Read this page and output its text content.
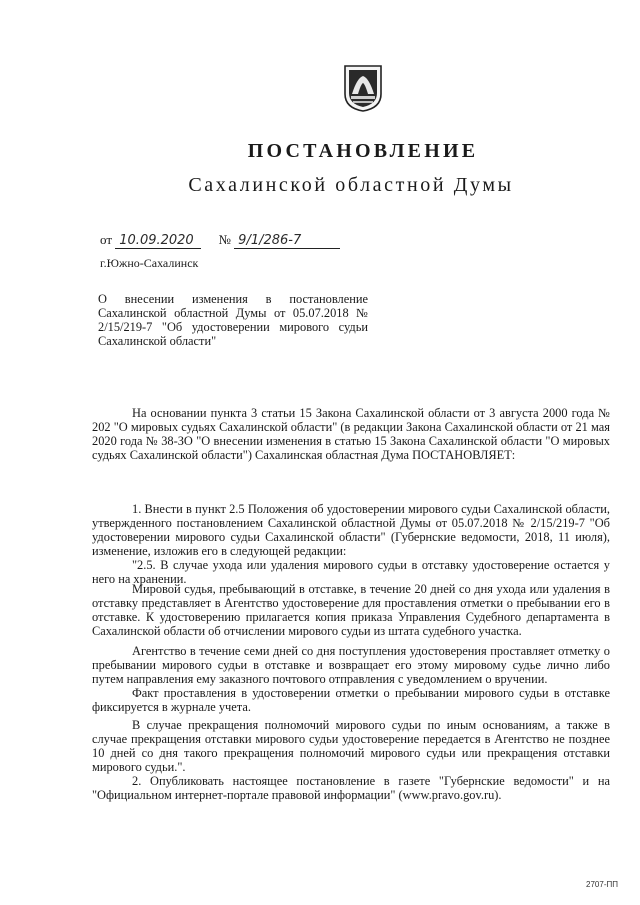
ПОСТАНОВЛЕНИЕ
Сахалинской областной Думы
от 10.09.2020 № 9/1/286-7
г.Южно-Сахалинск
О внесении изменения в постановление Сахалинской областной Думы от 05.07.2018 № 2/15/219-7 "Об удостоверении мирового судьи Сахалинской области"

На основании пункта 3 статьи 15 Закона Сахалинской области от 3 августа 2000 года № 202 "О мировых судьях Сахалинской области" (в редакции Закона Сахалинской области от 21 мая 2020 года № 38-ЗО "О внесении изменения в статью 15 Закона Сахалинской области "О мировых судьях Сахалинской области") Сахалинская областная Дума ПОСТАНОВЛЯЕТ:

1. Внести в пункт 2.5 Положения об удостоверении мирового судьи Сахалинской области, утвержденного постановлением Сахалинской областной Думы от 05.07.2018 № 2/15/219-7 "Об удостоверении мирового судьи Сахалинской области" (Губернские ведомости, 2018, 11 июля), изменение, изложив его в следующей редакции:

"2.5. В случае ухода или удаления мирового судьи в отставку удостоверение остается у него на хранении.

Мировой судья, пребывающий в отставке, в течение 20 дней со дня ухода или удаления в отставку представляет в Агентство удостоверение для проставления отметки о пребывании его в отставке. К удостоверению прилагается копия приказа Управления Судебного департамента в Сахалинской области об отчислении мирового судьи из штата судебного участка.

Агентство в течение семи дней со дня поступления удостоверения проставляет отметку о пребывании мирового судьи в отставке и возвращает его этому мировому судье лично либо путем направления ему заказного почтового отправления с уведомлением о вручении.

Факт проставления в удостоверении отметки о пребывании мирового судьи в отставке фиксируется в журнале учета.

В случае прекращения полномочий мирового судьи по иным основаниям, а также в случае прекращения отставки мирового судьи удостоверение передается в Агентство не позднее 10 дней со дня такого прекращения полномочий мирового судьи или прекращения отставки мирового судьи.".

2. Опубликовать настоящее постановление в газете "Губернские ведомости" и на "Официальном интернет-портале правовой информации" (www.pravo.gov.ru).

2707-ПП
